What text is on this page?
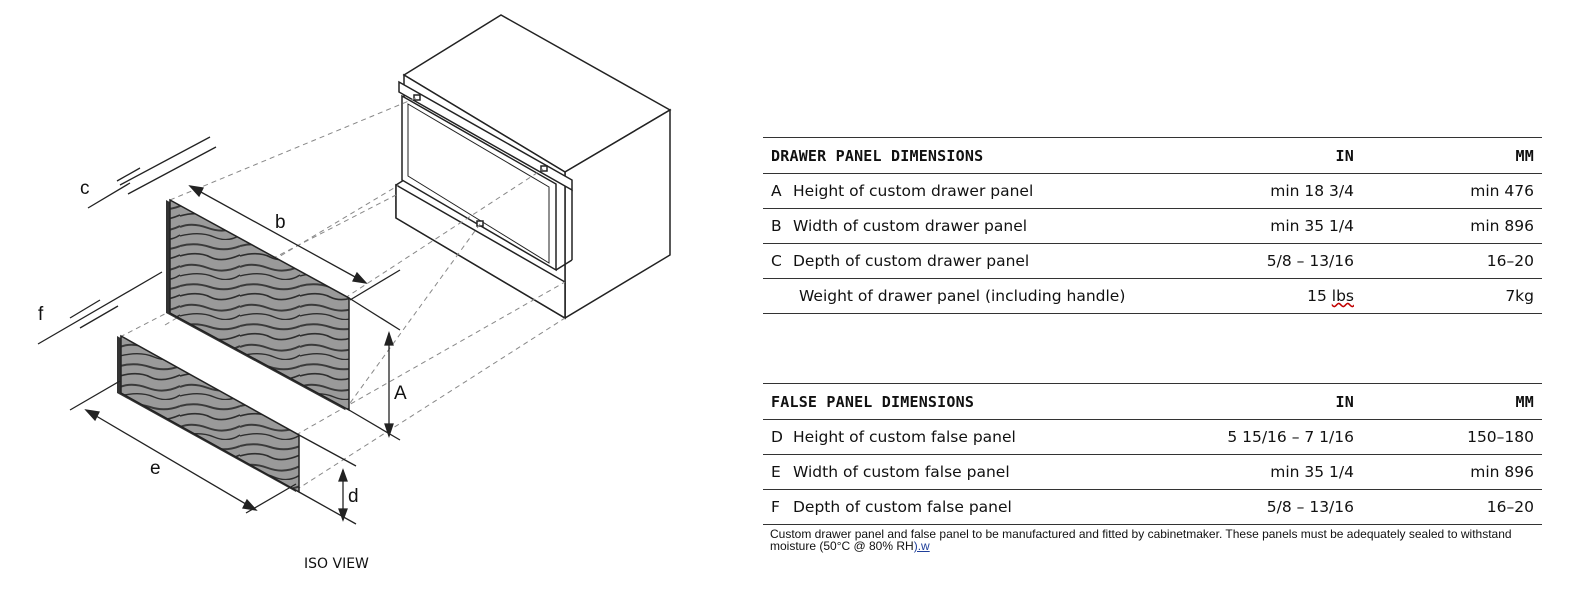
c
b
A
f
e
d
ISO VIEW
DRAWER PANEL DIMENSIONS	IN	MM
A Height of custom drawer panel	min 18 3/4	min 476
B Width of custom drawer panel	min 35 1/4	min 896
C Depth of custom drawer panel	5/8 – 13/16	16–20
Weight of drawer panel (including handle)	15 lbs	7kg
FALSE PANEL DIMENSIONS	IN	MM
D Height of custom false panel	5 15/16 – 7 1/16	150–180
E Width of custom false panel	min 35 1/4	min 896
F Depth of custom false panel	5/8 – 13/16	16–20
Custom drawer panel and false panel to be manufactured and fitted by cabinetmaker. These panels must be adequately sealed to withstand moisture (50°C @ 80% RH).w
